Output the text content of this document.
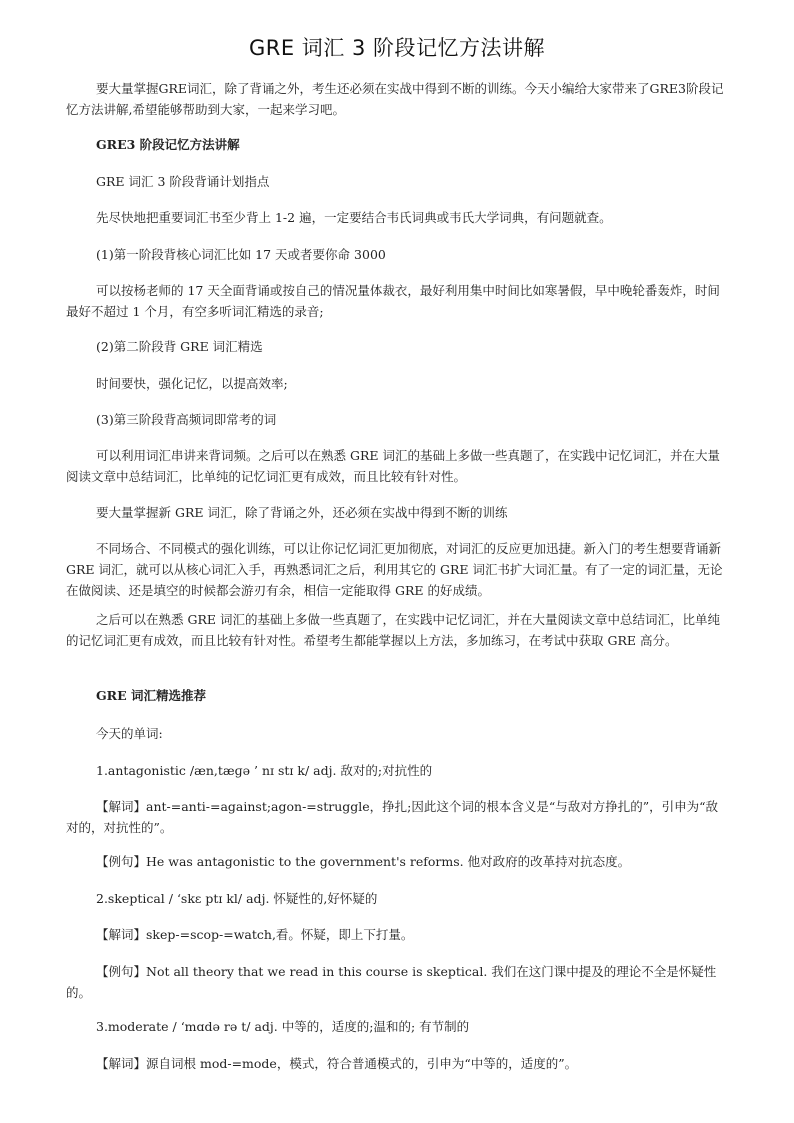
GRE 词汇 3 阶段记忆方法讲解

要大量掌握GRE词汇，除了背诵之外，考生还必须在实战中得到不断的训练。今天小编给大家带来了GRE3阶段记忆方法讲解,希望能够帮助到大家，一起来学习吧。

GRE3 阶段记忆方法讲解

GRE 词汇 3 阶段背诵计划指点

先尽快地把重要词汇书至少背上 1-2 遍，一定要结合韦氏词典或韦氏大学词典，有问题就查。

(1)第一阶段背核心词汇比如 17 天或者要你命 3000

可以按杨老师的 17 天全面背诵或按自己的情况量体裁衣，最好利用集中时间比如寒暑假，早中晚轮番轰炸，时间最好不超过 1 个月，有空多听词汇精选的录音;

(2)第二阶段背 GRE 词汇精选

时间要快，强化记忆，以提高效率;

(3)第三阶段背高频词即常考的词

可以利用词汇串讲来背词频。之后可以在熟悉 GRE 词汇的基础上多做一些真题了，在实践中记忆词汇，并在大量阅读文章中总结词汇，比单纯的记忆词汇更有成效，而且比较有针对性。

要大量掌握新 GRE 词汇，除了背诵之外，还必须在实战中得到不断的训练

不同场合、不同模式的强化训练，可以让你记忆词汇更加彻底，对词汇的反应更加迅捷。新入门的考生想要背诵新 GRE 词汇，就可以从核心词汇入手，再熟悉词汇之后，利用其它的 GRE 词汇书扩大词汇量。有了一定的词汇量，无论在做阅读、还是填空的时候都会游刃有余，相信一定能取得 GRE 的好成绩。

之后可以在熟悉 GRE 词汇的基础上多做一些真题了，在实践中记忆词汇，并在大量阅读文章中总结词汇，比单纯的记忆词汇更有成效，而且比较有针对性。希望考生都能掌握以上方法，多加练习，在考试中获取 GRE 高分。

GRE 词汇精选推荐

今天的单词:

1.antagonistic /æn,tæɡə ’ nɪ stɪ k/ adj. 敌对的;对抗性的

【解词】ant-=anti-=against;agon-=struggle，挣扎;因此这个词的根本含义是“与敌对方挣扎的”，引申为“敌对的，对抗性的”。

【例句】He was antagonistic to the government's reforms. 他对政府的改革持对抗态度。

2.skeptical / ‘skɛ ptɪ kl/ adj. 怀疑性的,好怀疑的

【解词】skep-=scop-=watch,看。怀疑，即上下打量。

【例句】Not all theory that we read in this course is skeptical. 我们在这门课中提及的理论不全是怀疑性的。

3.moderate / ‘mɑdə rə t/ adj. 中等的，适度的;温和的; 有节制的

【解词】源自词根 mod-=mode，模式，符合普通模式的，引申为“中等的，适度的”。
